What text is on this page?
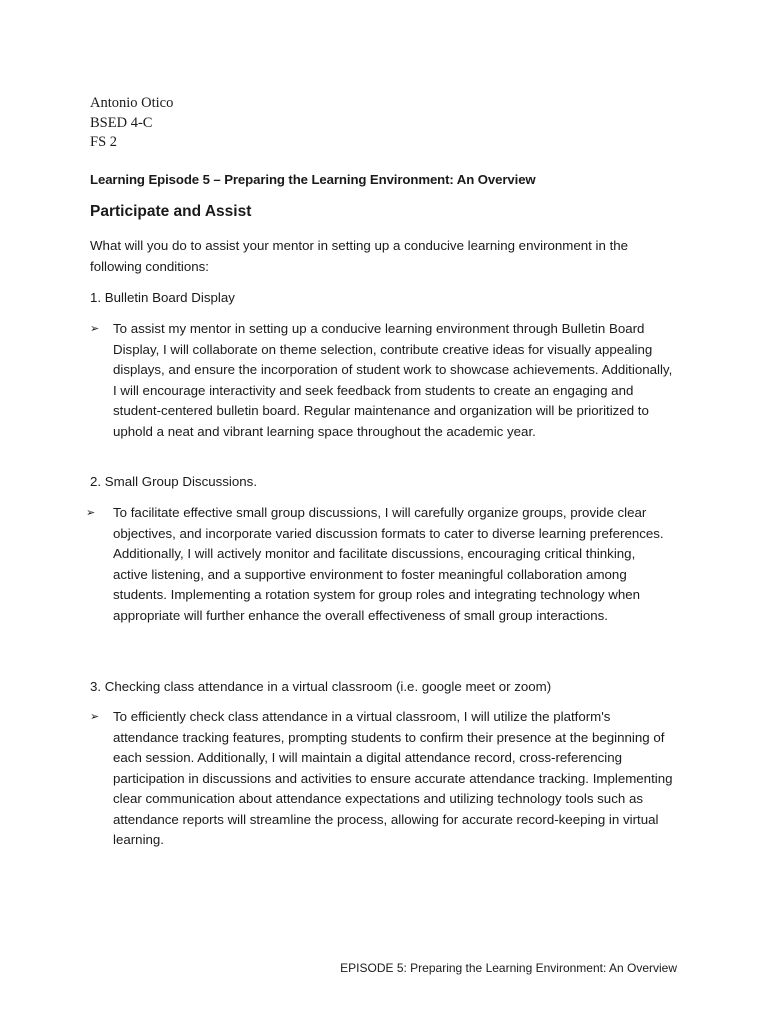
Antonio Otico
BSED 4-C
FS 2
Learning Episode 5 – Preparing the Learning Environment: An Overview
Participate and Assist
What will you do to assist your mentor in setting up a conducive learning environment in the following conditions:
1. Bulletin Board Display
➢	To assist my mentor in setting up a conducive learning environment through Bulletin Board Display, I will collaborate on theme selection, contribute creative ideas for visually appealing displays, and ensure the incorporation of student work to showcase achievements. Additionally, I will encourage interactivity and seek feedback from students to create an engaging and student-centered bulletin board. Regular maintenance and organization will be prioritized to uphold a neat and vibrant learning space throughout the academic year.
2. Small Group Discussions.
➢	To facilitate effective small group discussions, I will carefully organize groups, provide clear objectives, and incorporate varied discussion formats to cater to diverse learning preferences. Additionally, I will actively monitor and facilitate discussions, encouraging critical thinking, active listening, and a supportive environment to foster meaningful collaboration among students. Implementing a rotation system for group roles and integrating technology when appropriate will further enhance the overall effectiveness of small group interactions.
3. Checking class attendance in a virtual classroom (i.e. google meet or zoom)
➢	To efficiently check class attendance in a virtual classroom, I will utilize the platform's attendance tracking features, prompting students to confirm their presence at the beginning of each session. Additionally, I will maintain a digital attendance record, cross-referencing participation in discussions and activities to ensure accurate attendance tracking. Implementing clear communication about attendance expectations and utilizing technology tools such as attendance reports will streamline the process, allowing for accurate record-keeping in virtual learning.
EPISODE 5: Preparing the Learning Environment: An Overview
